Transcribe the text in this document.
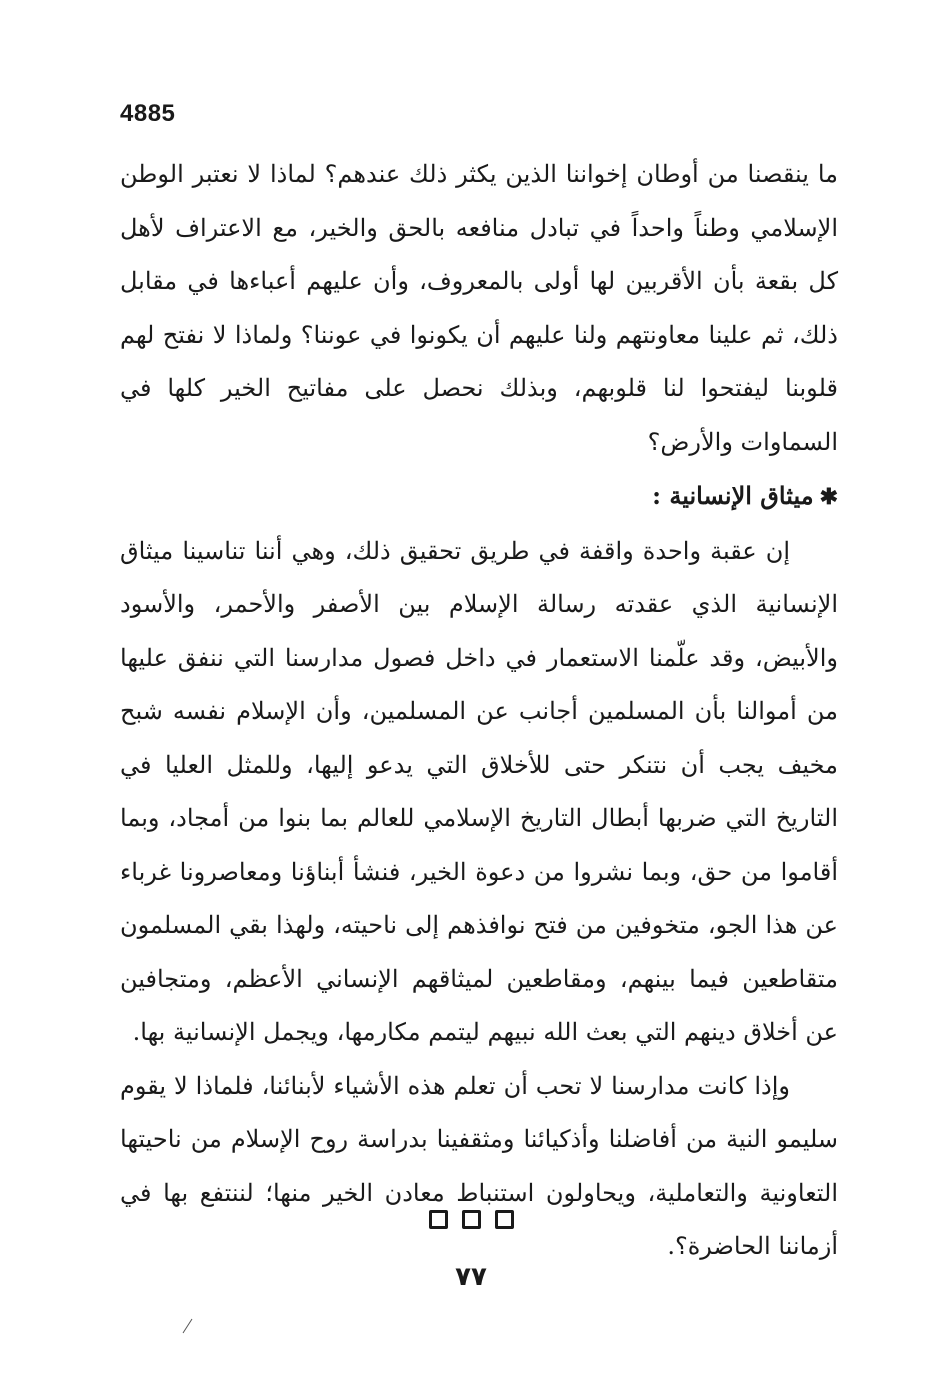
4885

ما ينقصنا من أوطان إخواننا الذين يكثر ذلك عندهم؟ لماذا لا نعتبر الوطن الإسلامي وطناً واحداً في تبادل منافعه بالحق والخير، مع الاعتراف لأهل كل بقعة بأن الأقربين لها أولى بالمعروف، وأن عليهم أعباءها في مقابل ذلك، ثم علينا معاونتهم ولنا عليهم أن يكونوا في عوننا؟ ولماذا لا نفتح لهم قلوبنا ليفتحوا لنا قلوبهم، وبذلك نحصل على مفاتيح الخير كلها في السماوات والأرض؟

✱ميثاق الإنسانية :

إن عقبة واحدة واقفة في طريق تحقيق ذلك، وهي أننا تناسينا ميثاق الإنسانية الذي عقدته رسالة الإسلام بين الأصفر والأحمر، والأسود والأبيض، وقد علّمنا الاستعمار في داخل فصول مدارسنا التي ننفق عليها من أموالنا بأن المسلمين أجانب عن المسلمين، وأن الإسلام نفسه شبح مخيف يجب أن نتنكر حتى للأخلاق التي يدعو إليها، وللمثل العليا في التاريخ التي ضربها أبطال التاريخ الإسلامي للعالم بما بنوا من أمجاد، وبما أقاموا من حق، وبما نشروا من دعوة الخير، فنشأ أبناؤنا ومعاصرونا غرباء عن هذا الجو، متخوفين من فتح نوافذهم إلى ناحيته، ولهذا بقي المسلمون متقاطعين فيما بينهم، ومقاطعين لميثاقهم الإنساني الأعظم، ومتجافين عن أخلاق دينهم التي بعث الله نبيهم ليتمم مكارمها، ويجمل الإنسانية بها.

وإذا كانت مدارسنا لا تحب أن تعلم هذه الأشياء لأبنائنا، فلماذا لا يقوم سليمو النية من أفاضلنا وأذكيائنا ومثقفينا بدراسة روح الإسلام من ناحيتها التعاونية والتعاملية، ويحاولون استنباط معادن الخير منها؛ لننتفع بها في أزماننا الحاضرة؟.

٧٧
